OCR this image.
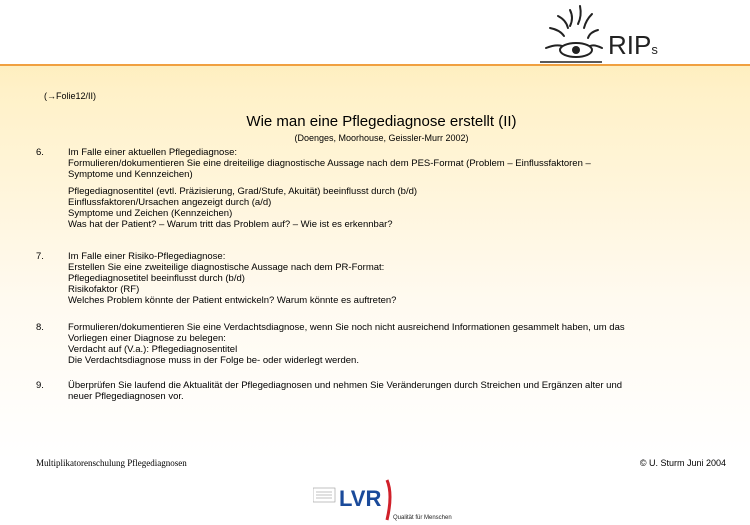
RIPs
(→Folie12/II)
Wie man eine Pflegediagnose erstellt (II)
(Doenges, Moorhouse, Geissler-Murr 2002)
6.	Im Falle einer aktuellen Pflegediagnose:
Formulieren/dokumentieren Sie eine dreiteilige diagnostische Aussage nach dem PES-Format (Problem – Einflussfaktoren –
Symptome und Kennzeichen)
Pflegediagnosentitel (evtl. Präzisierung, Grad/Stufe, Akuität) beeinflusst durch (b/d)
Einflussfaktoren/Ursachen angezeigt durch (a/d)
Symptome und Zeichen (Kennzeichen)
Was hat der Patient? – Warum tritt das Problem auf? – Wie ist es erkennbar?
7.	Im Falle einer Risiko-Pflegediagnose:
Erstellen Sie eine zweiteilige diagnostische Aussage nach dem PR-Format:
Pflegediagnosetitel beeinflusst durch (b/d)
Risikofaktor (RF)
Welches Problem könnte der Patient entwickeln? Warum könnte es auftreten?
8.	Formulieren/dokumentieren Sie eine Verdachtsdiagnose, wenn Sie noch nicht ausreichend Informationen gesammelt haben, um das
Vorliegen einer Diagnose zu belegen:
Verdacht auf (V.a.): Pflegediagnosentitel
Die Verdachtsdiagnose muss in der Folge be- oder widerlegt werden.
9.	Überprüfen Sie laufend die Aktualität der Pflegediagnosen und nehmen Sie Veränderungen durch Streichen und Ergänzen alter und
neuer Pflegediagnosen vor.
Multiplikatorenschulung Pflegediagnosen	© U. Sturm Juni 2004
LVR
Qualität für Menschen
